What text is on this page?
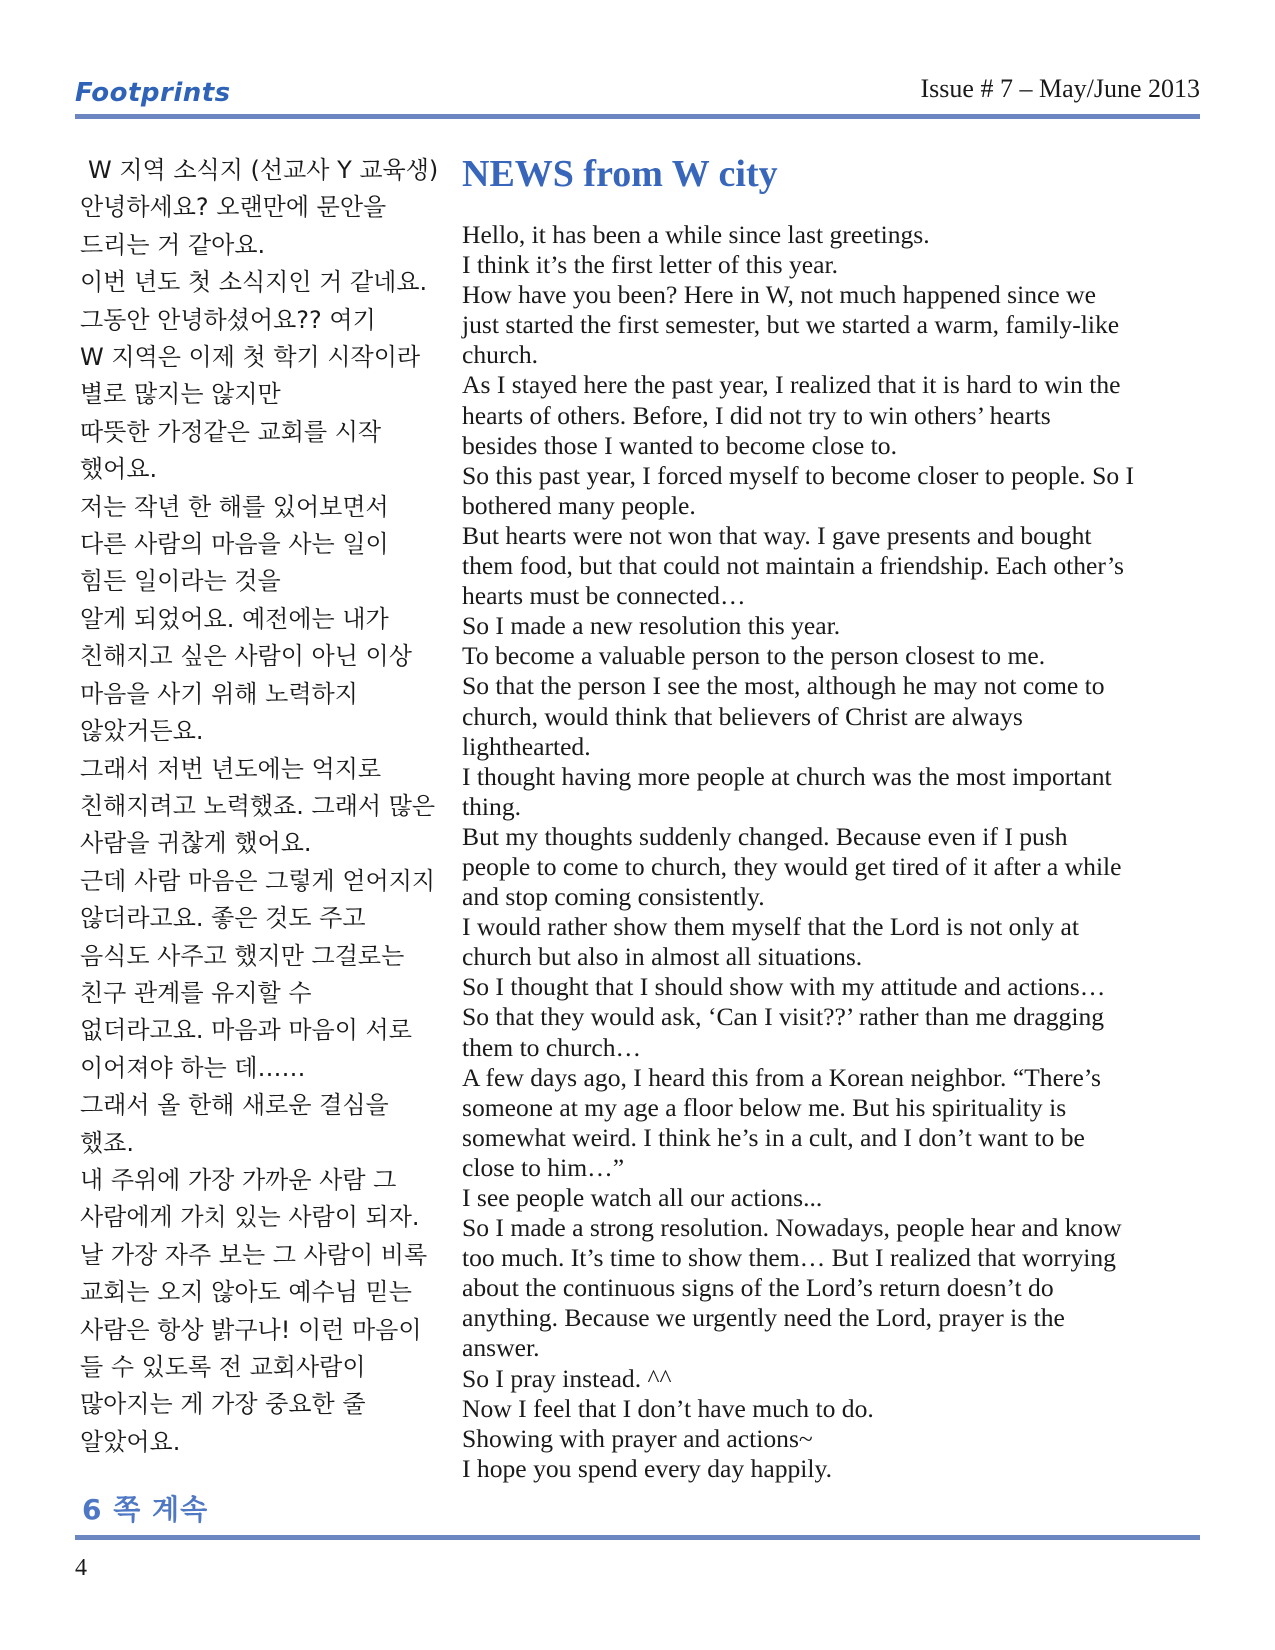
Footprints	Issue # 7 – May/June 2013
W 지역 소식지 (선교사 Y 교육생)
안녕하세요? 오랜만에 문안을
드리는 거 같아요.
이번 년도 첫 소식지인 거 같네요.
그동안 안녕하셨어요?? 여기
W 지역은 이제 첫 학기 시작이라
별로 많지는 않지만
따뜻한 가정같은 교회를 시작
했어요.
저는 작년 한 해를 있어보면서
다른 사람의 마음을 사는 일이
힘든 일이라는 것을
알게 되었어요. 예전에는 내가
친해지고 싶은 사람이 아닌 이상
마음을 사기 위해 노력하지
않았거든요.
그래서 저번 년도에는 억지로
친해지려고 노력했죠. 그래서 많은
사람을 귀찮게 했어요.
근데 사람 마음은 그렇게 얻어지지
않더라고요. 좋은 것도 주고
음식도 사주고 했지만 그걸로는
친구 관계를 유지할 수
없더라고요. 마음과 마음이 서로
이어져야 하는 데……
그래서 올 한해 새로운 결심을
했죠.
내 주위에 가장 가까운 사람 그
사람에게 가치 있는 사람이 되자.
날 가장 자주 보는 그 사람이 비록
교회는 오지 않아도 예수님 믿는
사람은 항상 밝구나! 이런 마음이
들 수 있도록 전 교회사람이
많아지는 게 가장 중요한 줄
알았어요.
6 쪽 계속
NEWS from W city
Hello, it has been a while since last greetings.
I think it’s the first letter of this year.
How have you been? Here in W, not much happened since we
just started the first semester, but we started a warm, family-like
church.
As I stayed here the past year, I realized that it is hard to win the
hearts of others. Before, I did not try to win others’ hearts
besides those I wanted to become close to.
So this past year, I forced myself to become closer to people. So I
bothered many people.
But hearts were not won that way. I gave presents and bought
them food, but that could not maintain a friendship. Each other’s
hearts must be connected…
So I made a new resolution this year.
To become a valuable person to the person closest to me.
So that the person I see the most, although he may not come to
church, would think that believers of Christ are always
lighthearted.
I thought having more people at church was the most important
thing.
But my thoughts suddenly changed. Because even if I push
people to come to church, they would get tired of it after a while
and stop coming consistently.
I would rather show them myself that the Lord is not only at
church but also in almost all situations.
So I thought that I should show with my attitude and actions…
So that they would ask, ‘Can I visit??’ rather than me dragging
them to church…
A few days ago, I heard this from a Korean neighbor. “There’s
someone at my age a floor below me. But his spirituality is
somewhat weird. I think he’s in a cult, and I don’t want to be
close to him…”
I see people watch all our actions...
So I made a strong resolution. Nowadays, people hear and know
too much. It’s time to show them… But I realized that worrying
about the continuous signs of the Lord’s return doesn’t do
anything. Because we urgently need the Lord, prayer is the
answer.
So I pray instead. ^^
Now I feel that I don’t have much to do.
Showing with prayer and actions~
I hope you spend every day happily.
4
